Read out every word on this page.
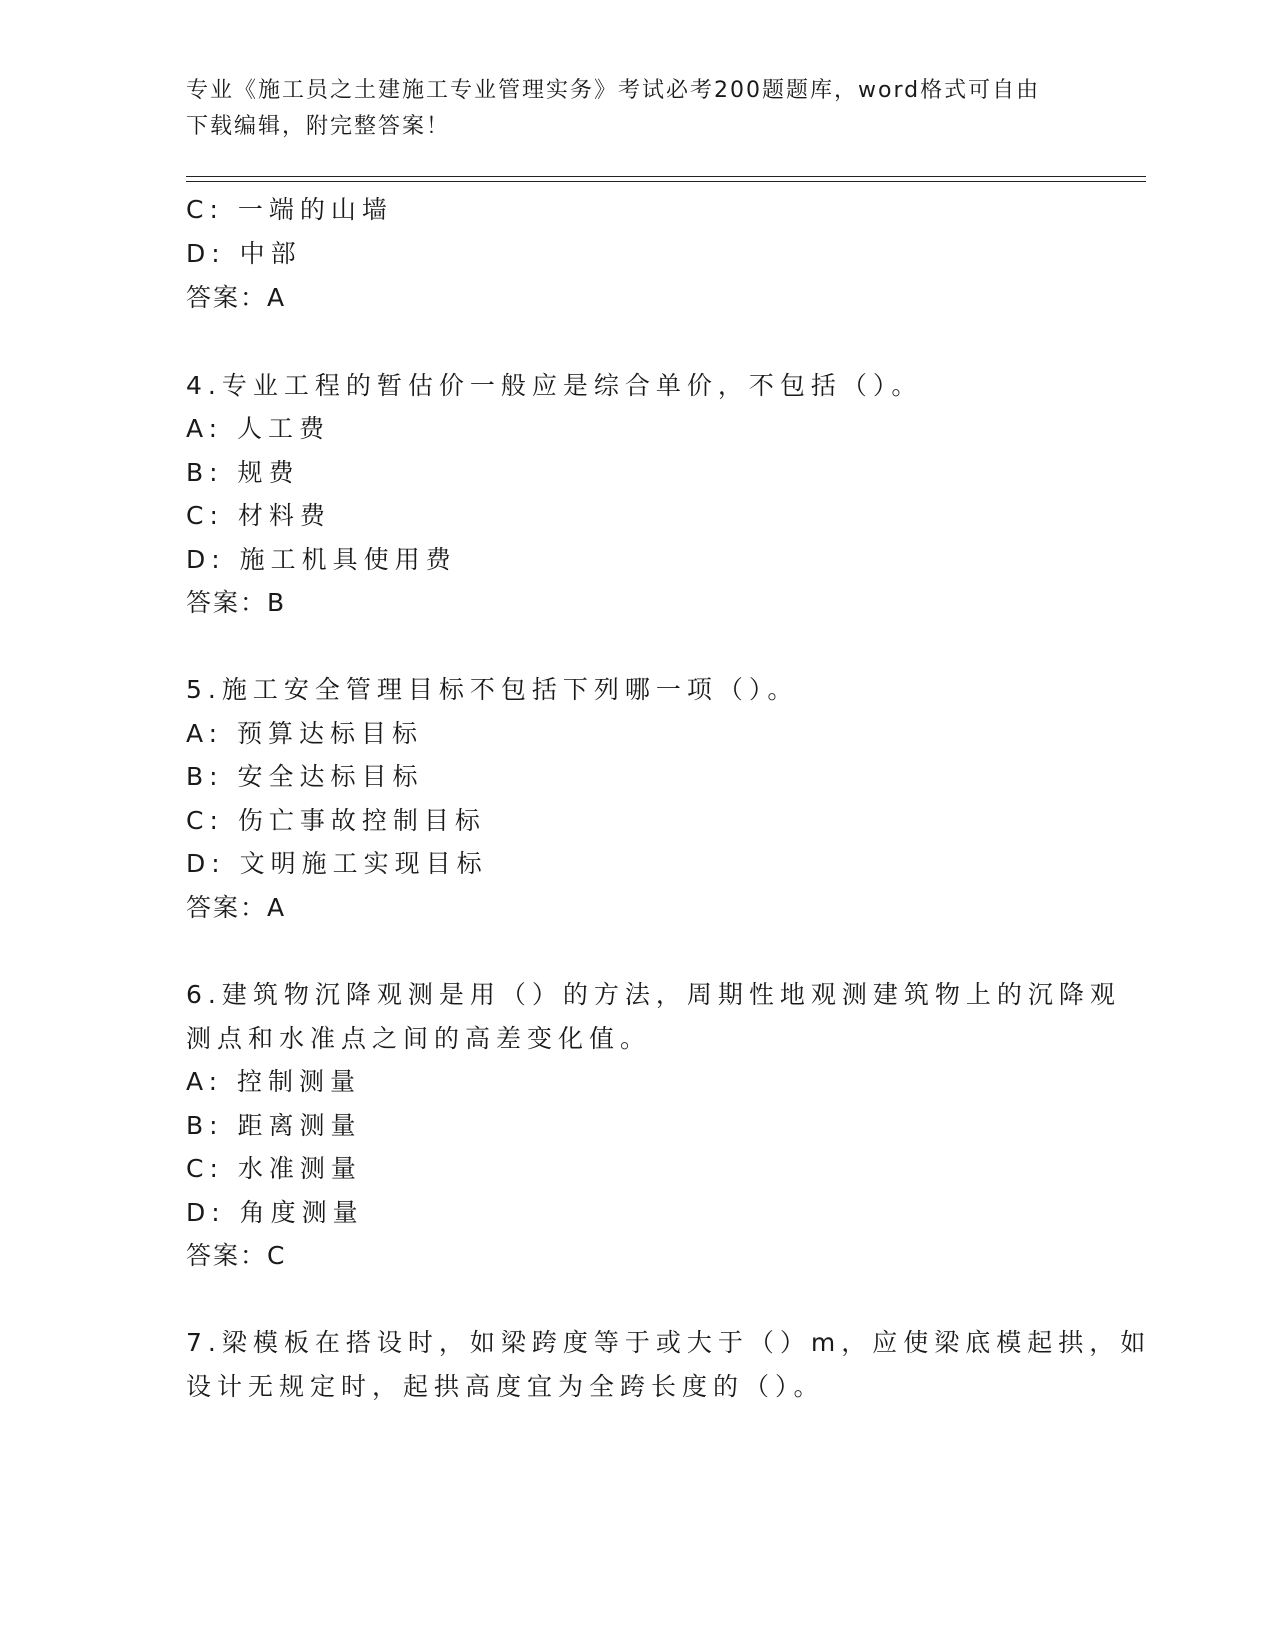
专业《施工员之土建施工专业管理实务》考试必考200题题库，word格式可自由
下载编辑，附完整答案！
C: 一端的山墙
D: 中部
答案：A
4.专业工程的暂估价一般应是综合单价，不包括（）。
A: 人工费
B: 规费
C: 材料费
D: 施工机具使用费
答案：B
5.施工安全管理目标不包括下列哪一项（）。
A: 预算达标目标
B: 安全达标目标
C: 伤亡事故控制目标
D: 文明施工实现目标
答案：A
6.建筑物沉降观测是用（）的方法，周期性地观测建筑物上的沉降观
测点和水准点之间的高差变化值。
A: 控制测量
B: 距离测量
C: 水准测量
D: 角度测量
答案：C
7.梁模板在搭设时，如梁跨度等于或大于（）m，应使梁底模起拱，如
设计无规定时，起拱高度宜为全跨长度的（）。
